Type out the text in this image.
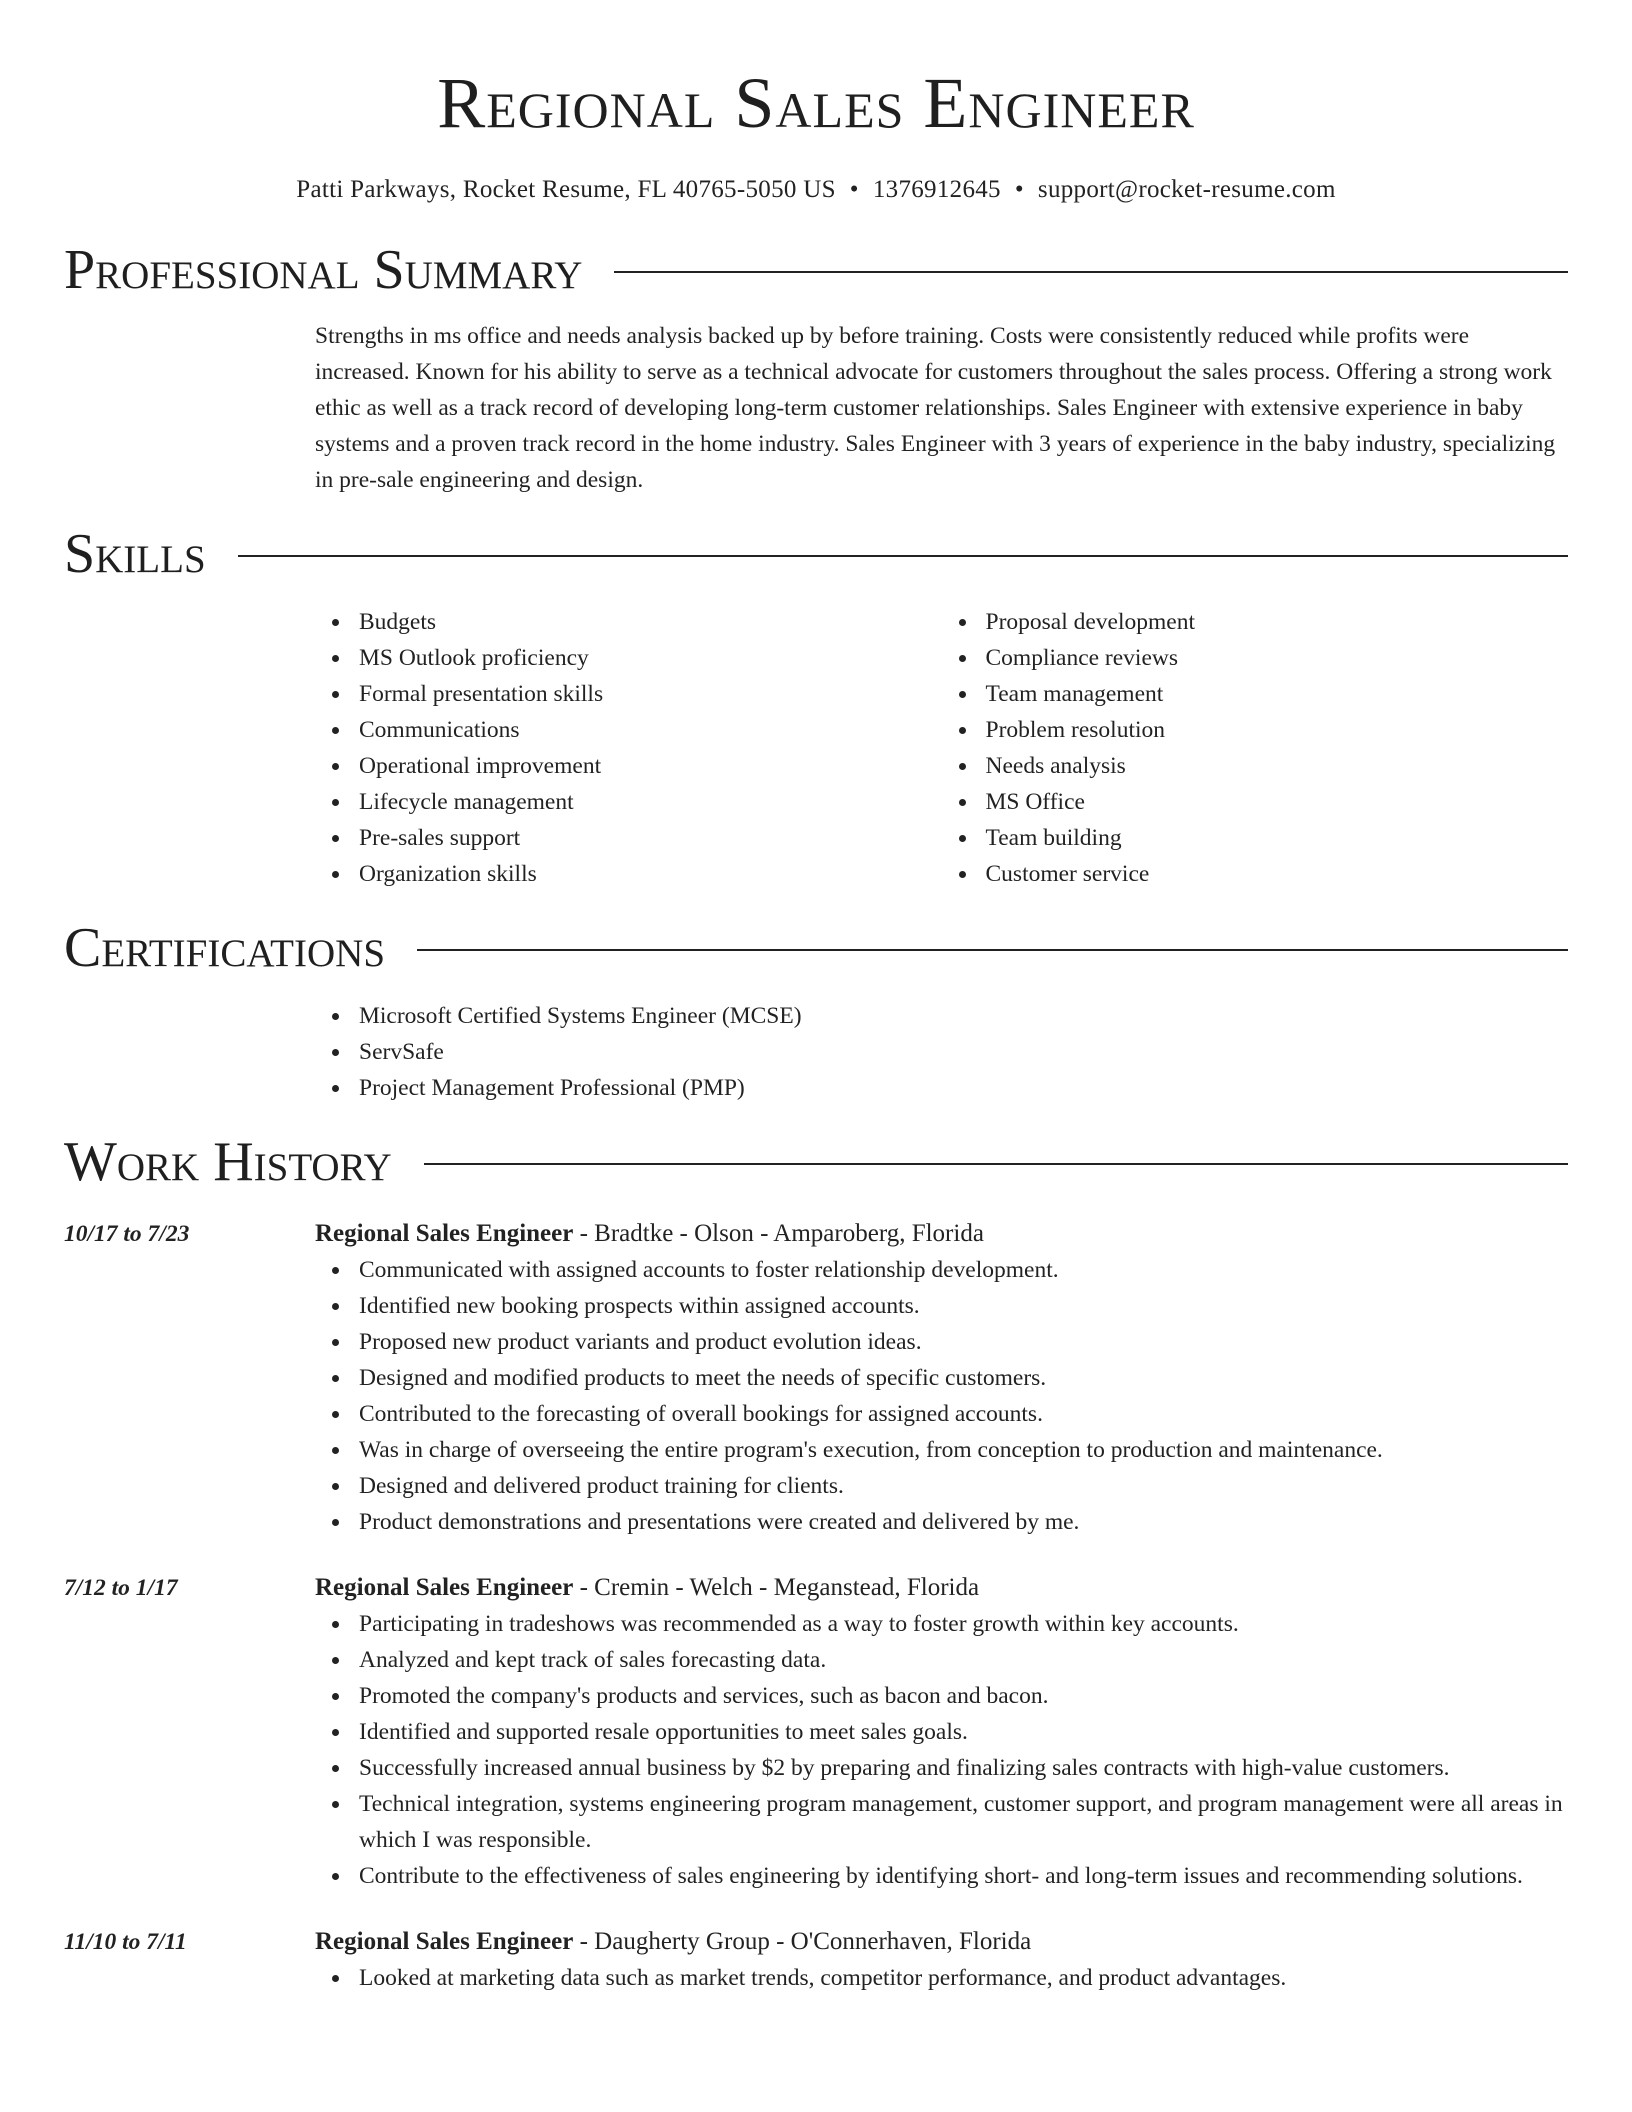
Regional Sales Engineer
Patti Parkways, Rocket Resume, FL 40765-5050 US • 1376912645 • support@rocket-resume.com
Professional Summary
Strengths in ms office and needs analysis backed up by before training. Costs were consistently reduced while profits were increased. Known for his ability to serve as a technical advocate for customers throughout the sales process. Offering a strong work ethic as well as a track record of developing long-term customer relationships. Sales Engineer with extensive experience in baby systems and a proven track record in the home industry. Sales Engineer with 3 years of experience in the baby industry, specializing in pre-sale engineering and design.
Skills
Budgets
MS Outlook proficiency
Formal presentation skills
Communications
Operational improvement
Lifecycle management
Pre-sales support
Organization skills
Proposal development
Compliance reviews
Team management
Problem resolution
Needs analysis
MS Office
Team building
Customer service
Certifications
Microsoft Certified Systems Engineer (MCSE)
ServSafe
Project Management Professional (PMP)
Work History
10/17 to 7/23	Regional Sales Engineer - Bradtke - Olson - Amparoberg, Florida
Communicated with assigned accounts to foster relationship development.
Identified new booking prospects within assigned accounts.
Proposed new product variants and product evolution ideas.
Designed and modified products to meet the needs of specific customers.
Contributed to the forecasting of overall bookings for assigned accounts.
Was in charge of overseeing the entire program's execution, from conception to production and maintenance.
Designed and delivered product training for clients.
Product demonstrations and presentations were created and delivered by me.
7/12 to 1/17	Regional Sales Engineer - Cremin - Welch - Meganstead, Florida
Participating in tradeshows was recommended as a way to foster growth within key accounts.
Analyzed and kept track of sales forecasting data.
Promoted the company's products and services, such as bacon and bacon.
Identified and supported resale opportunities to meet sales goals.
Successfully increased annual business by $2 by preparing and finalizing sales contracts with high-value customers.
Technical integration, systems engineering program management, customer support, and program management were all areas in which I was responsible.
Contribute to the effectiveness of sales engineering by identifying short- and long-term issues and recommending solutions.
11/10 to 7/11	Regional Sales Engineer - Daugherty Group - O'Connerhaven, Florida
Looked at marketing data such as market trends, competitor performance, and product advantages.
